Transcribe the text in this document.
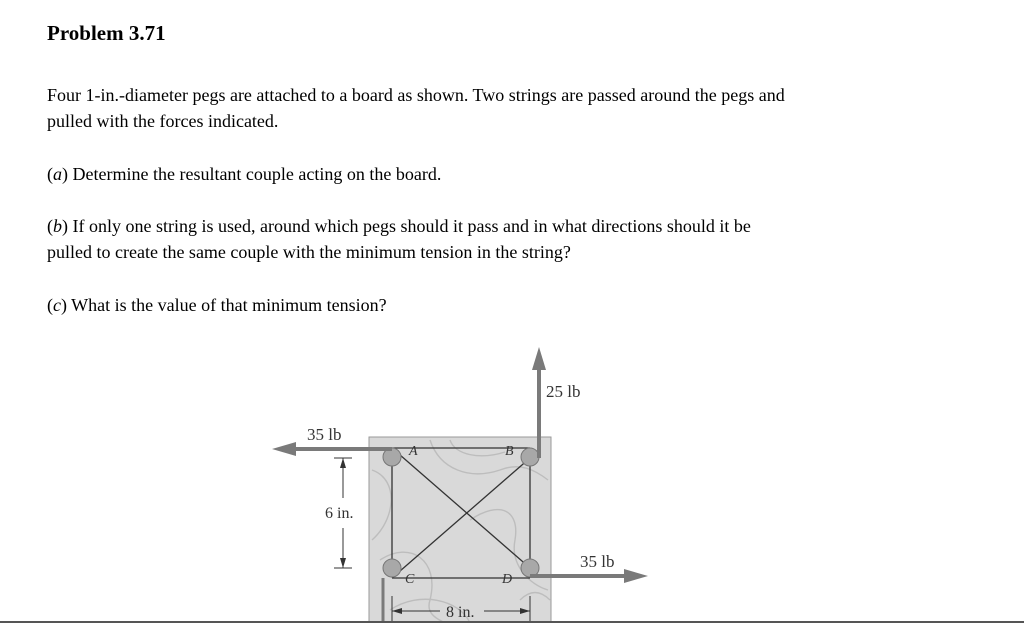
Problem 3.71

Four 1-in.-diameter pegs are attached to a board as shown. Two strings are passed around the pegs and
pulled with the forces indicated.

(a) Determine the resultant couple acting on the board.

(b) If only one string is used, around which pegs should it pass and in what directions should it be
pulled to create the same couple with the minimum tension in the string?

(c) What is the value of that minimum tension?

25 lb
35 lb
35 lb
6 in.
8 in.
A	B
C	D
